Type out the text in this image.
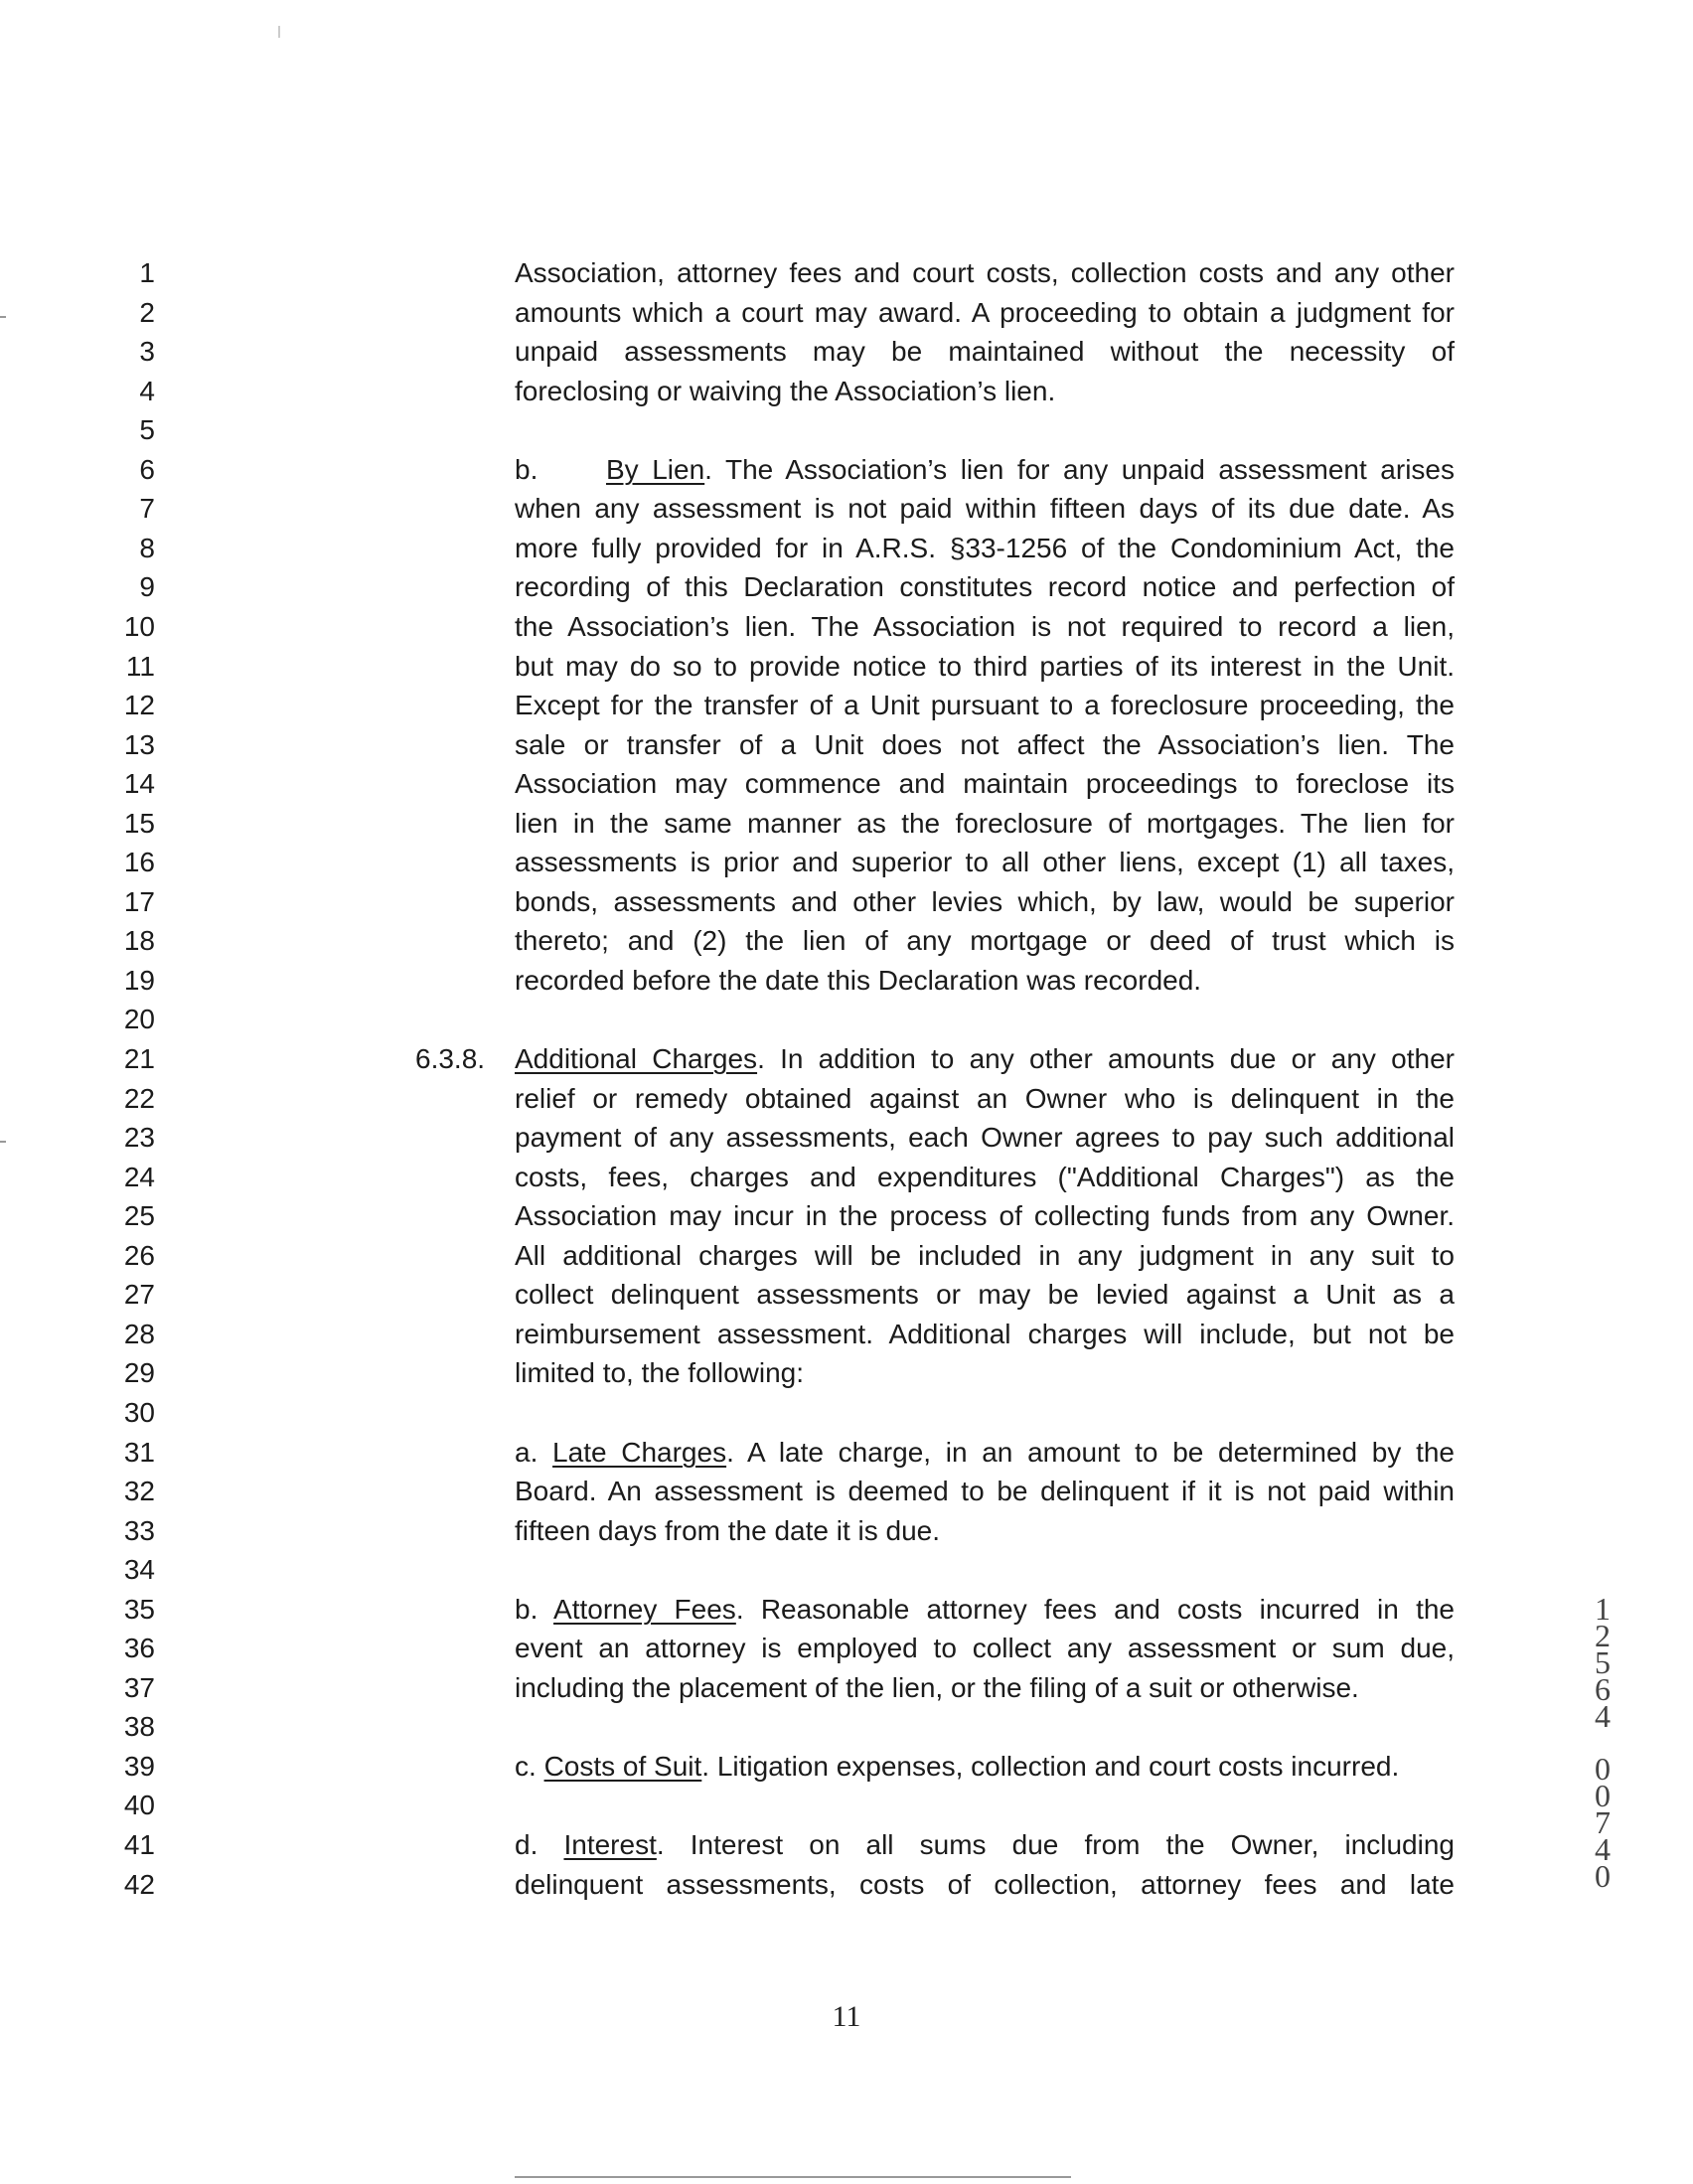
1	Association, attorney fees and court costs, collection costs and any other
2	amounts which a court may award. A proceeding to obtain a judgment for
3	unpaid assessments may be maintained without the necessity of
4	foreclosing or waiving the Association’s lien.
5
6	b. By Lien. The Association’s lien for any unpaid assessment arises
7	when any assessment is not paid within fifteen days of its due date. As
8	more fully provided for in A.R.S. §33-1256 of the Condominium Act, the
9	recording of this Declaration constitutes record notice and perfection of
10	the Association’s lien. The Association is not required to record a lien,
11	but may do so to provide notice to third parties of its interest in the Unit.
12	Except for the transfer of a Unit pursuant to a foreclosure proceeding, the
13	sale or transfer of a Unit does not affect the Association’s lien. The
14	Association may commence and maintain proceedings to foreclose its
15	lien in the same manner as the foreclosure of mortgages. The lien for
16	assessments is prior and superior to all other liens, except (1) all taxes,
17	bonds, assessments and other levies which, by law, would be superior
18	thereto; and (2) the lien of any mortgage or deed of trust which is
19	recorded before the date this Declaration was recorded.
20
21	6.3.8. Additional Charges. In addition to any other amounts due or any other
22	relief or remedy obtained against an Owner who is delinquent in the
23	payment of any assessments, each Owner agrees to pay such additional
24	costs, fees, charges and expenditures ("Additional Charges") as the
25	Association may incur in the process of collecting funds from any Owner.
26	All additional charges will be included in any judgment in any suit to
27	collect delinquent assessments or may be levied against a Unit as a
28	reimbursement assessment. Additional charges will include, but not be
29	limited to, the following:
30
31	a. Late Charges. A late charge, in an amount to be determined by the
32	Board. An assessment is deemed to be delinquent if it is not paid within
33	fifteen days from the date it is due.
34
35	b. Attorney Fees. Reasonable attorney fees and costs incurred in the
36	event an attorney is employed to collect any assessment or sum due,
37	including the placement of the lien, or the filing of a suit or otherwise.
38
39	c. Costs of Suit. Litigation expenses, collection and court costs incurred.
40
41	d. Interest. Interest on all sums due from the Owner, including
42	delinquent assessments, costs of collection, attorney fees and late
1
2
5
6
4
0
0
7
4
0
11
